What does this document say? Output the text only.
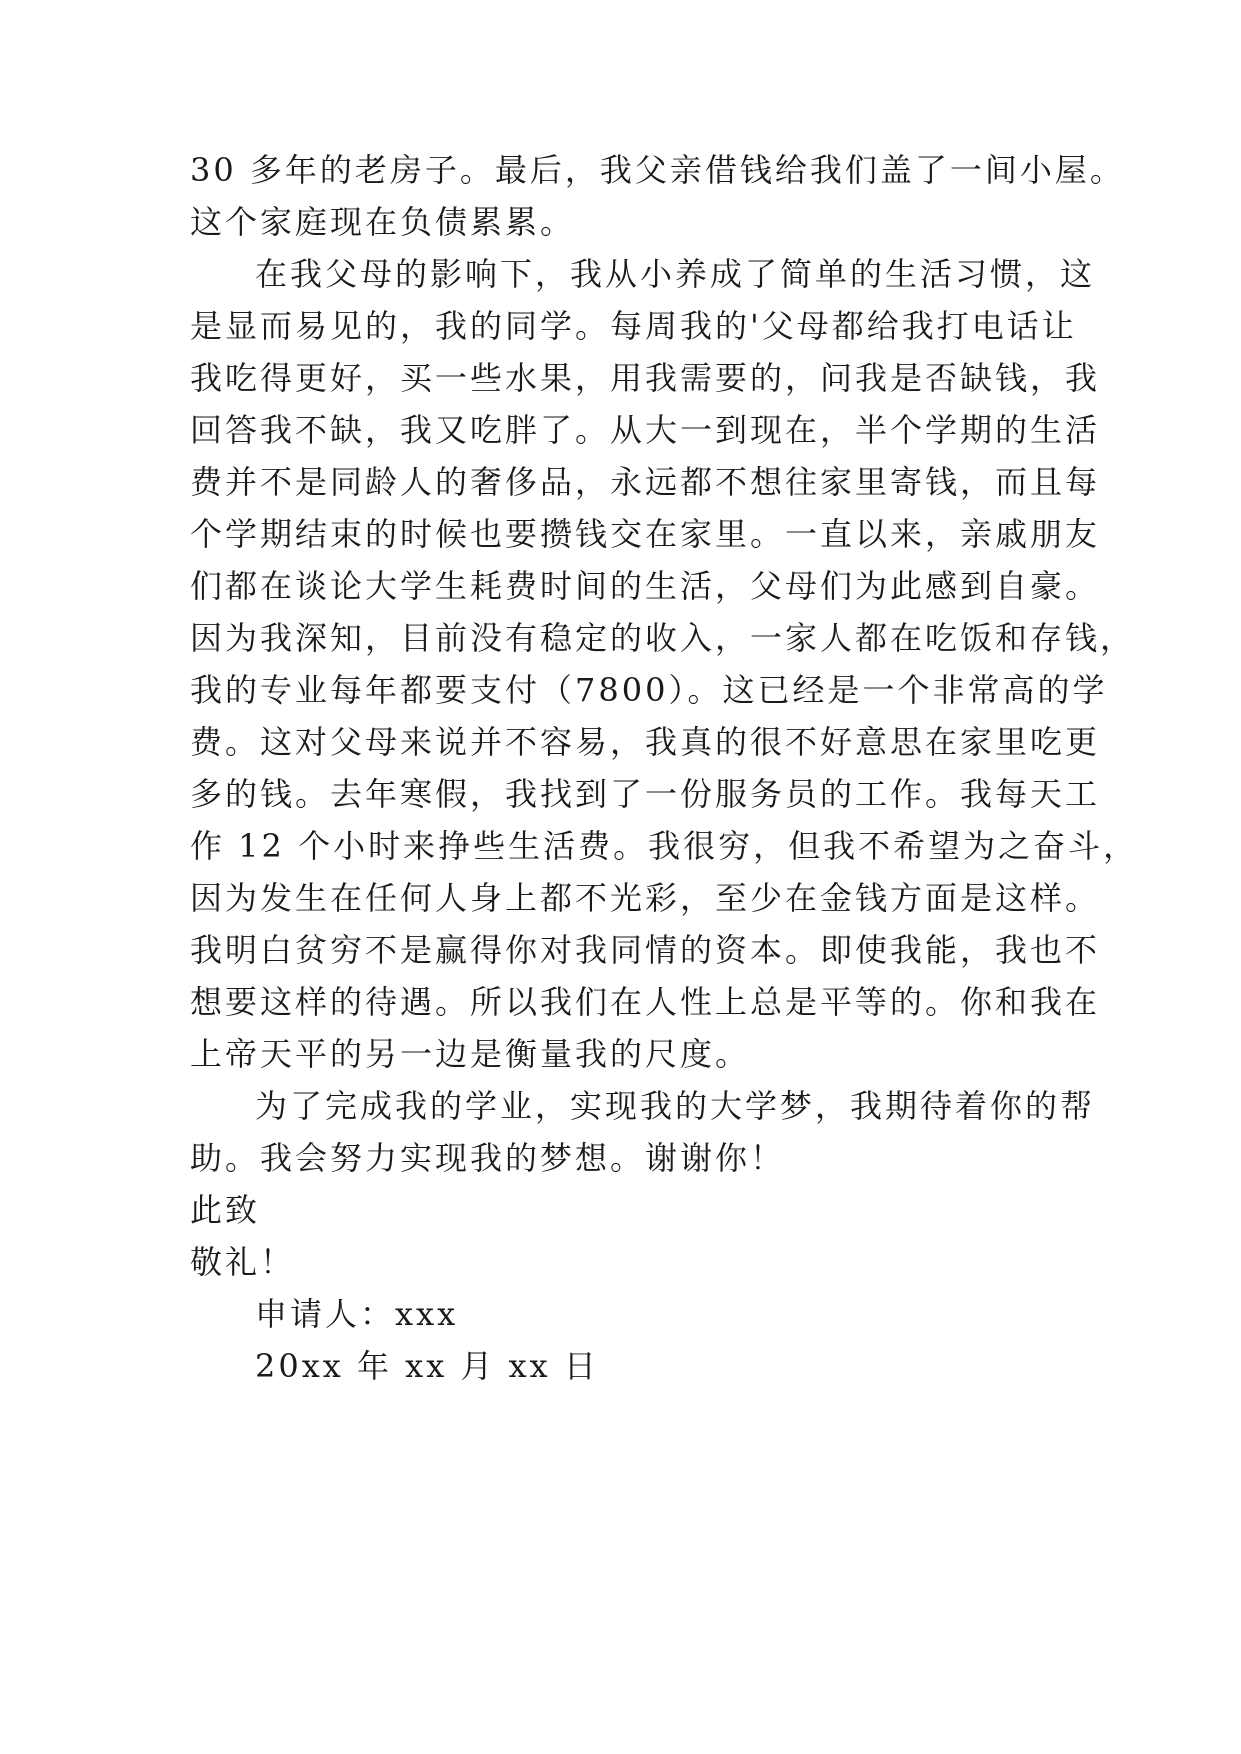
30 多年的老房子。最后，我父亲借钱给我们盖了一间小屋。
这个家庭现在负债累累。
在我父母的影响下，我从小养成了简单的生活习惯，这
是显而易见的，我的同学。每周我的'父母都给我打电话让
我吃得更好，买一些水果，用我需要的，问我是否缺钱，我
回答我不缺，我又吃胖了。从大一到现在，半个学期的生活
费并不是同龄人的奢侈品，永远都不想往家里寄钱，而且每
个学期结束的时候也要攒钱交在家里。一直以来，亲戚朋友
们都在谈论大学生耗费时间的生活，父母们为此感到自豪。
因为我深知，目前没有稳定的收入，一家人都在吃饭和存钱，
我的专业每年都要支付（7800）。这已经是一个非常高的学
费。这对父母来说并不容易，我真的很不好意思在家里吃更
多的钱。去年寒假，我找到了一份服务员的工作。我每天工
作 12 个小时来挣些生活费。我很穷，但我不希望为之奋斗，
因为发生在任何人身上都不光彩，至少在金钱方面是这样。
我明白贫穷不是赢得你对我同情的资本。即使我能，我也不
想要这样的待遇。所以我们在人性上总是平等的。你和我在
上帝天平的另一边是衡量我的尺度。
为了完成我的学业，实现我的大学梦，我期待着你的帮
助。我会努力实现我的梦想。谢谢你！
此致
敬礼！
申请人：xxx
20xx 年 xx 月 xx 日
